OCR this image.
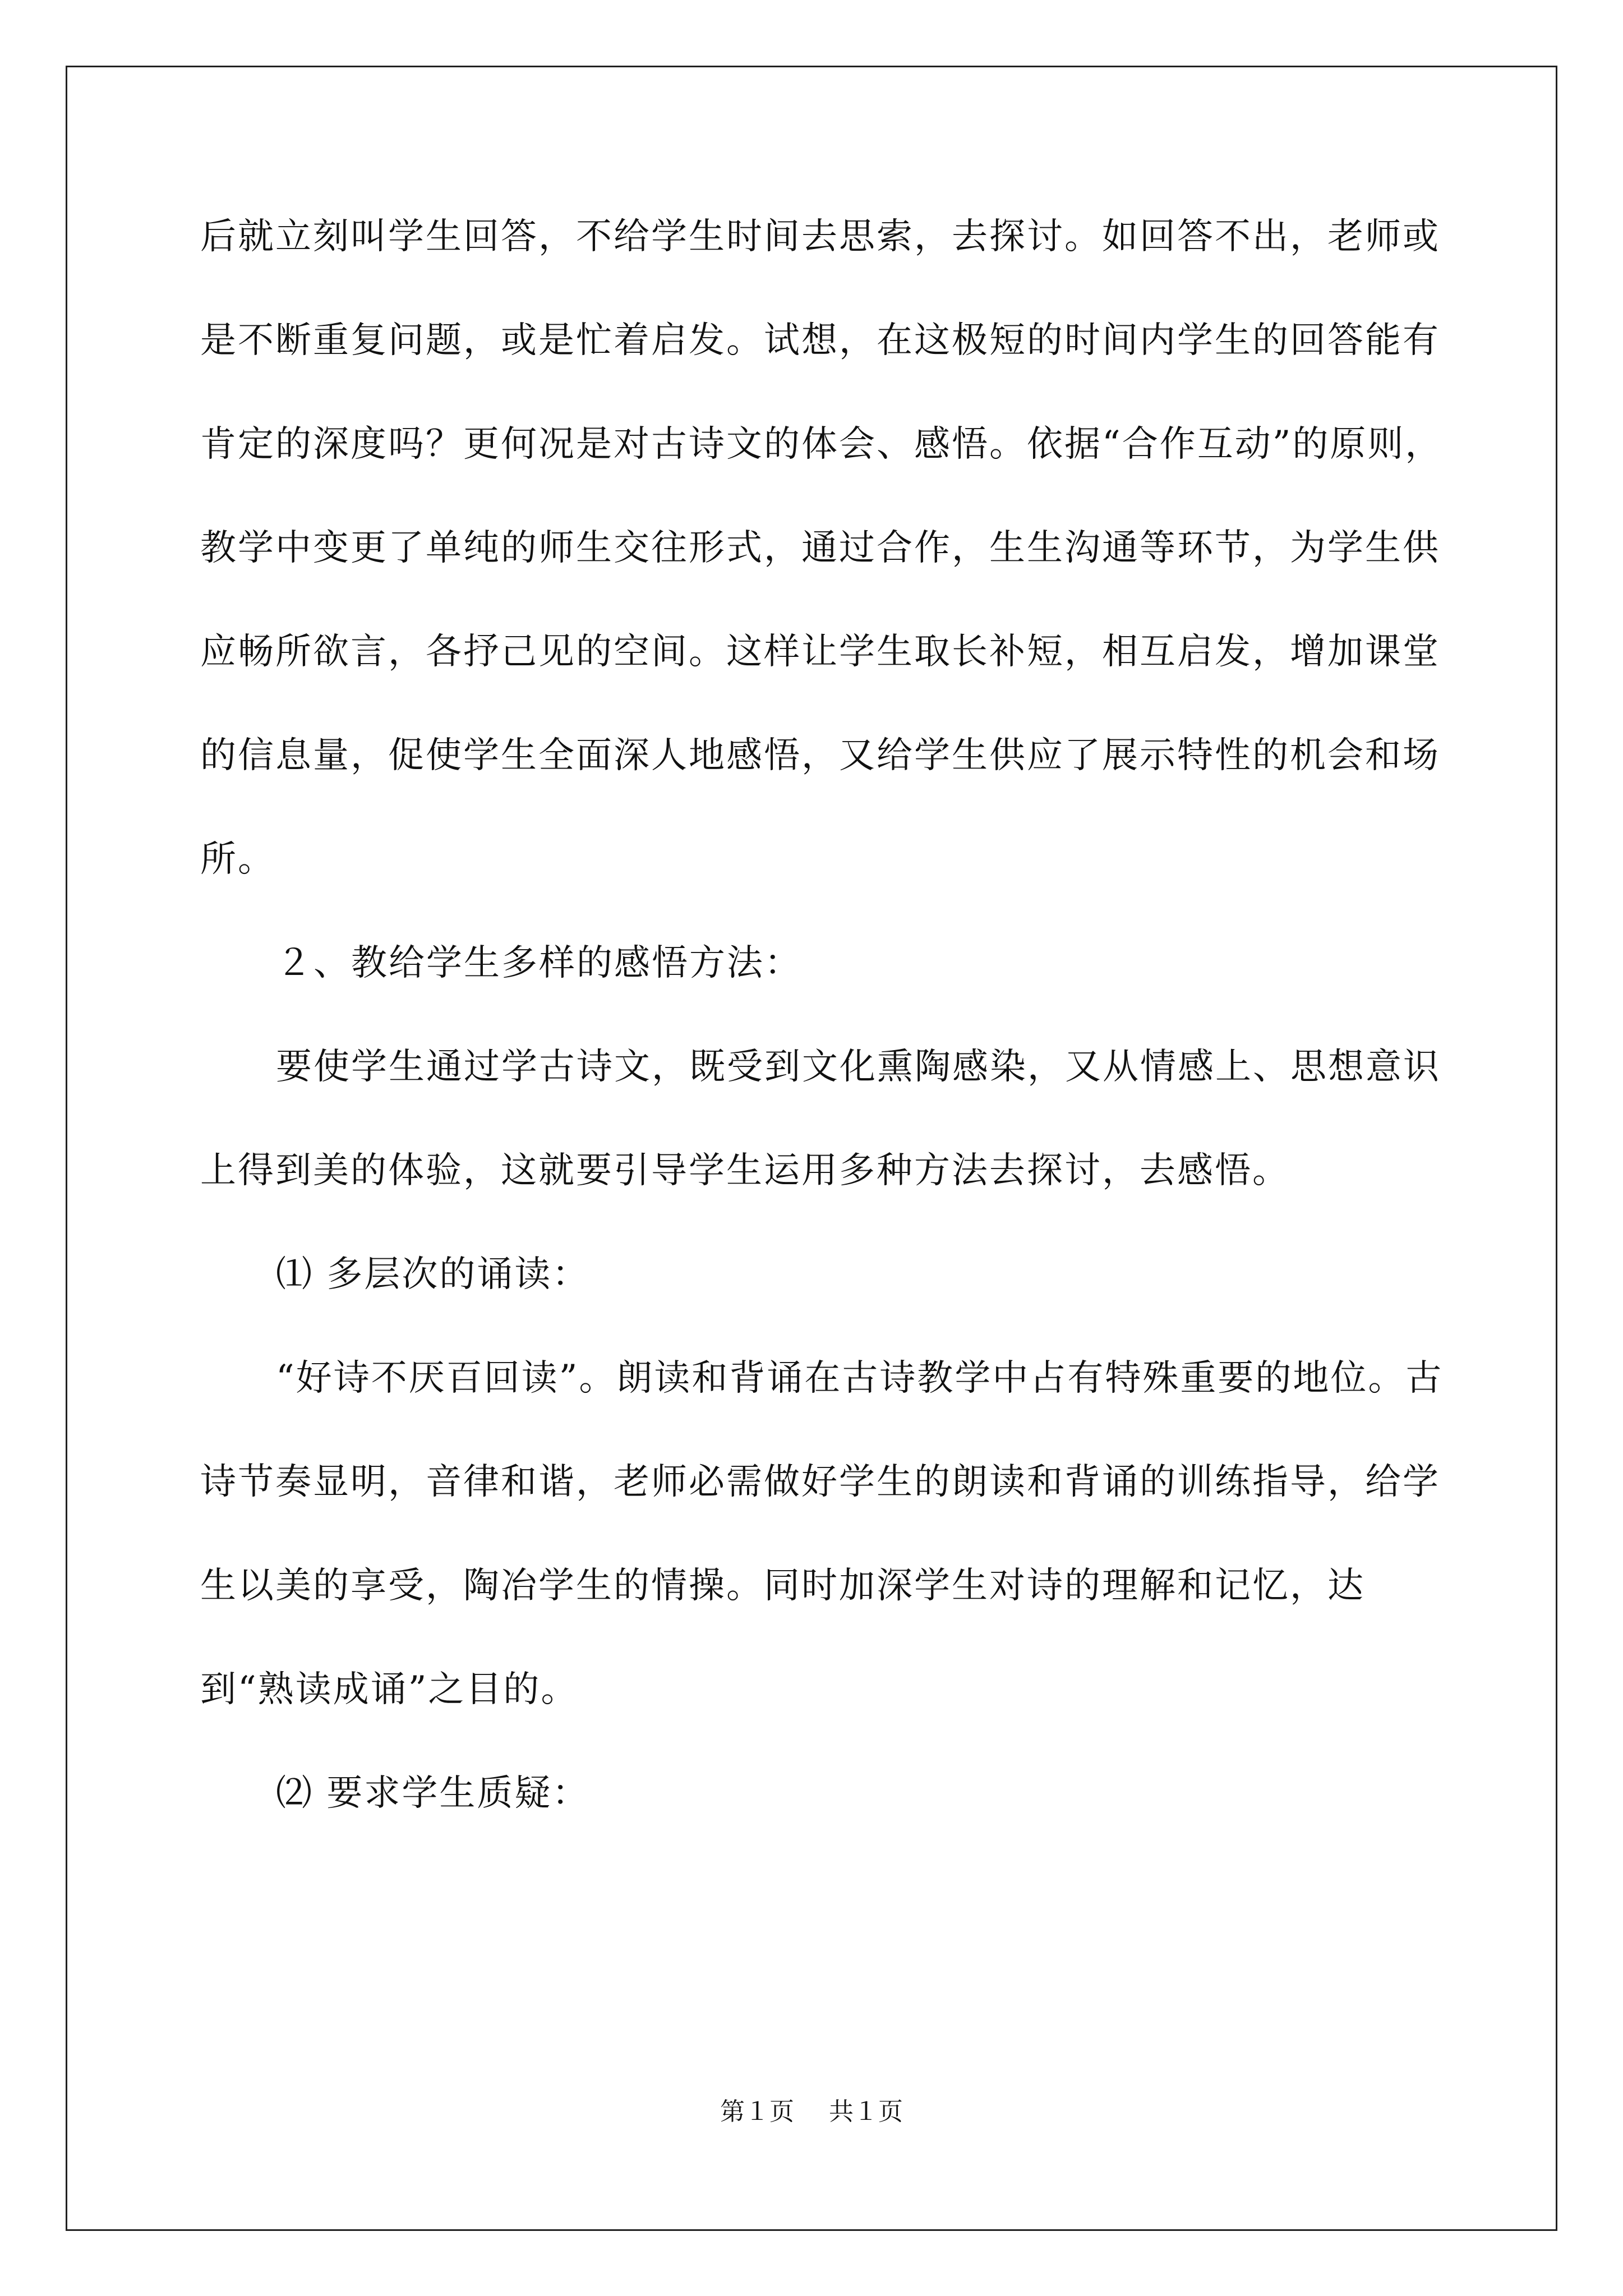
后就立刻叫学生回答，不给学生时间去思索，去探讨。如回答不出，老师或是不断重复问题，或是忙着启发。试想，在这极短的时间内学生的回答能有肯定的深度吗？更何况是对古诗文的体会、感悟。依据“合作互动”的原则，教学中变更了单纯的师生交往形式，通过合作，生生沟通等环节，为学生供应畅所欲言，各抒己见的空间。这样让学生取长补短，相互启发，增加课堂的信息量，促使学生全面深人地感悟，又给学生供应了展示特性的机会和场所。

２、教给学生多样的感悟方法：

要使学生通过学古诗文，既受到文化熏陶感染，又从情感上、思想意识上得到美的体验，这就要引导学生运用多种方法去探讨，去感悟。

⑴ 多层次的诵读：

“好诗不厌百回读”。朗读和背诵在古诗教学中占有特殊重要的地位。古诗节奏显明，音律和谐，老师必需做好学生的朗读和背诵的训练指导，给学生以美的享受，陶冶学生的情操。同时加深学生对诗的理解和记忆，达到“熟读成诵”之目的。

⑵ 要求学生质疑：

第１页 共１页
